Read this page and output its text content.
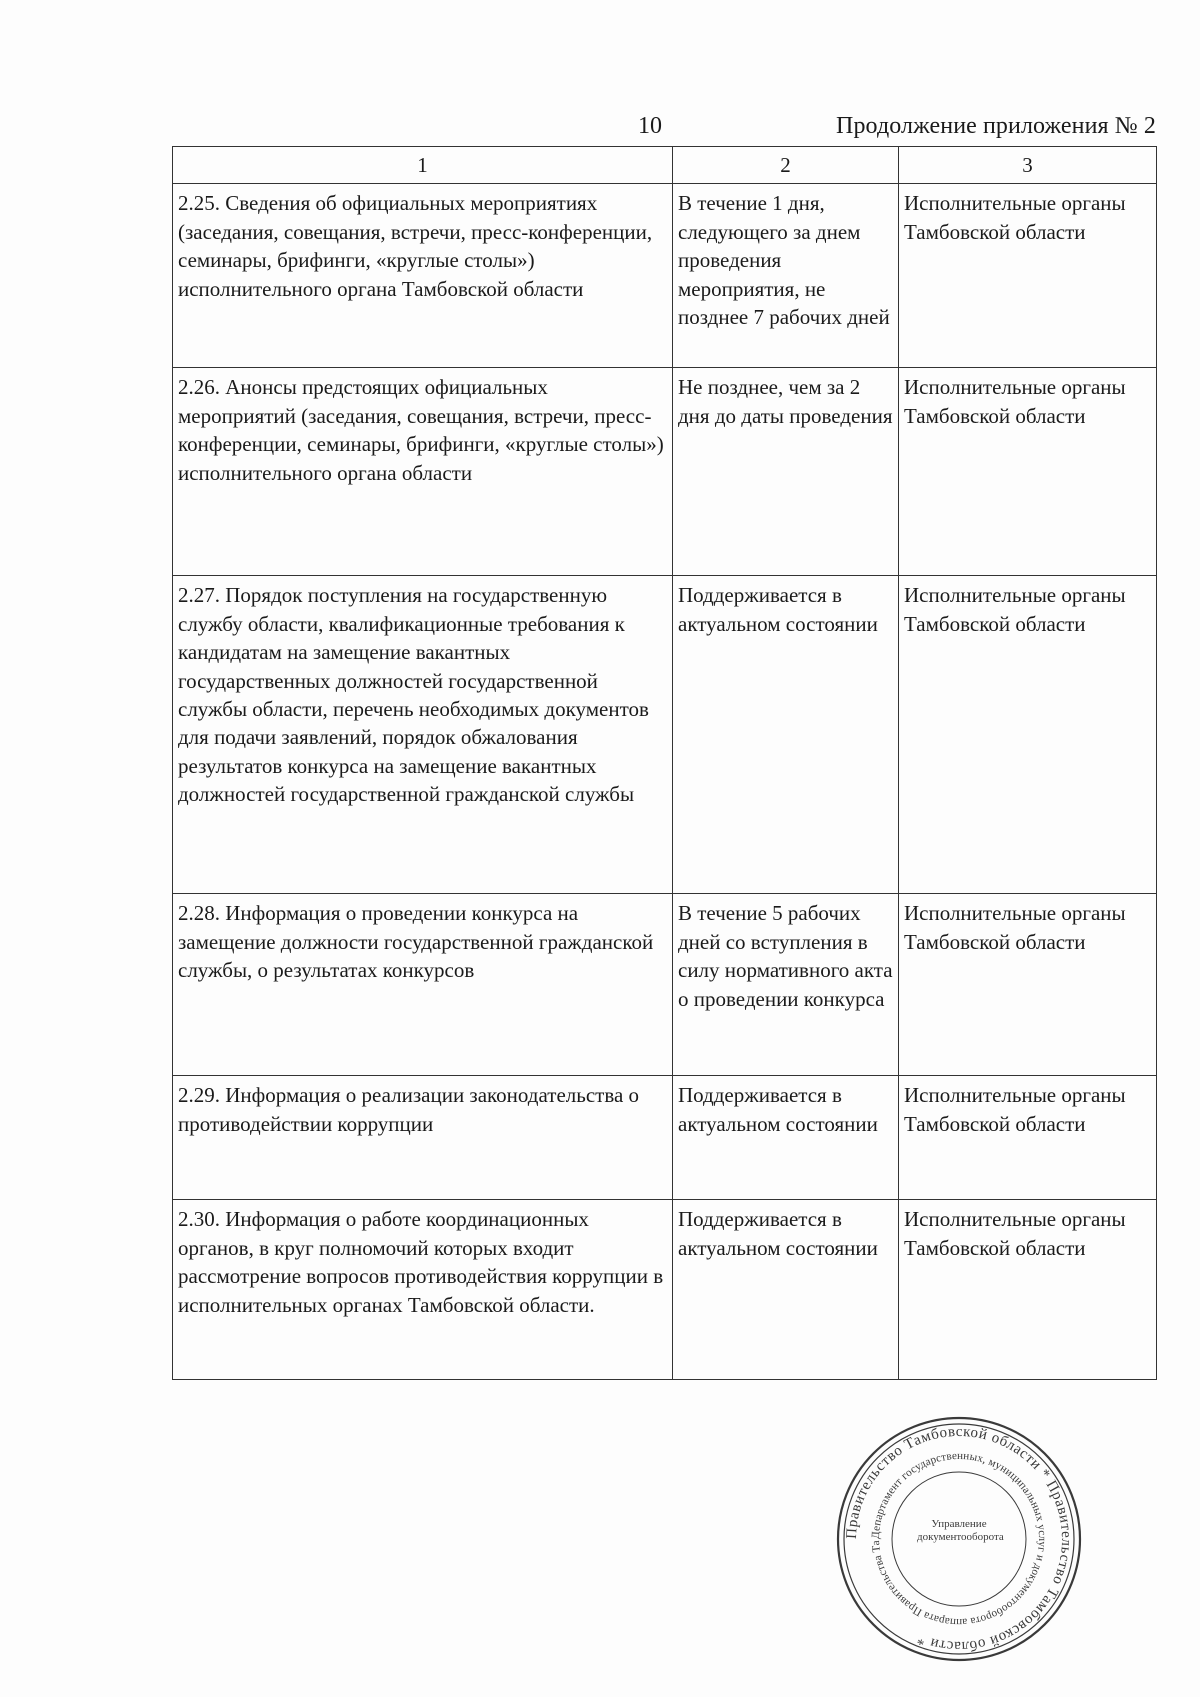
10	Продолжение приложения № 2
1	2	3
2.25. Сведения об официальных мероприятиях (заседания, совещания, встречи, пресс-конференции, семинары, брифинги, «круглые столы») исполнительного органа Тамбовской области	В течение 1 дня, следующего за днем проведения мероприятия, не позднее 7 рабочих дней	Исполнительные органы Тамбовской области
2.26. Анонсы предстоящих официальных мероприятий (заседания, совещания, встречи, пресс-конференции, семинары, брифинги, «круглые столы») исполнительного органа области	Не позднее, чем за 2 дня до даты проведения	Исполнительные органы Тамбовской области
2.27. Порядок поступления на государственную службу области, квалификационные требования к кандидатам на замещение вакантных государственных должностей государственной службы области, перечень необходимых документов для подачи заявлений, порядок обжалования результатов конкурса на замещение вакантных должностей государственной гражданской службы	Поддерживается в актуальном состоянии	Исполнительные органы Тамбовской области
2.28. Информация о проведении конкурса на замещение должности государственной гражданской службы, о результатах конкурсов	В течение 5 рабочих дней со вступления в силу нормативного акта о проведении конкурса	Исполнительные органы Тамбовской области
2.29. Информация о реализации законодательства о противодействии коррупции	Поддерживается в актуальном состоянии	Исполнительные органы Тамбовской области
2.30. Информация о работе координационных органов, в круг полномочий которых входит рассмотрение вопросов противодействия коррупции в исполнительных органах Тамбовской области.	Поддерживается в актуальном состоянии	Исполнительные органы Тамбовской области
Правительство Тамбовской области * Правительство Тамбовской области *
Департамент государственных, муниципальных услуг и документооборота аппарата Правительства Та
Управление
документооборота
